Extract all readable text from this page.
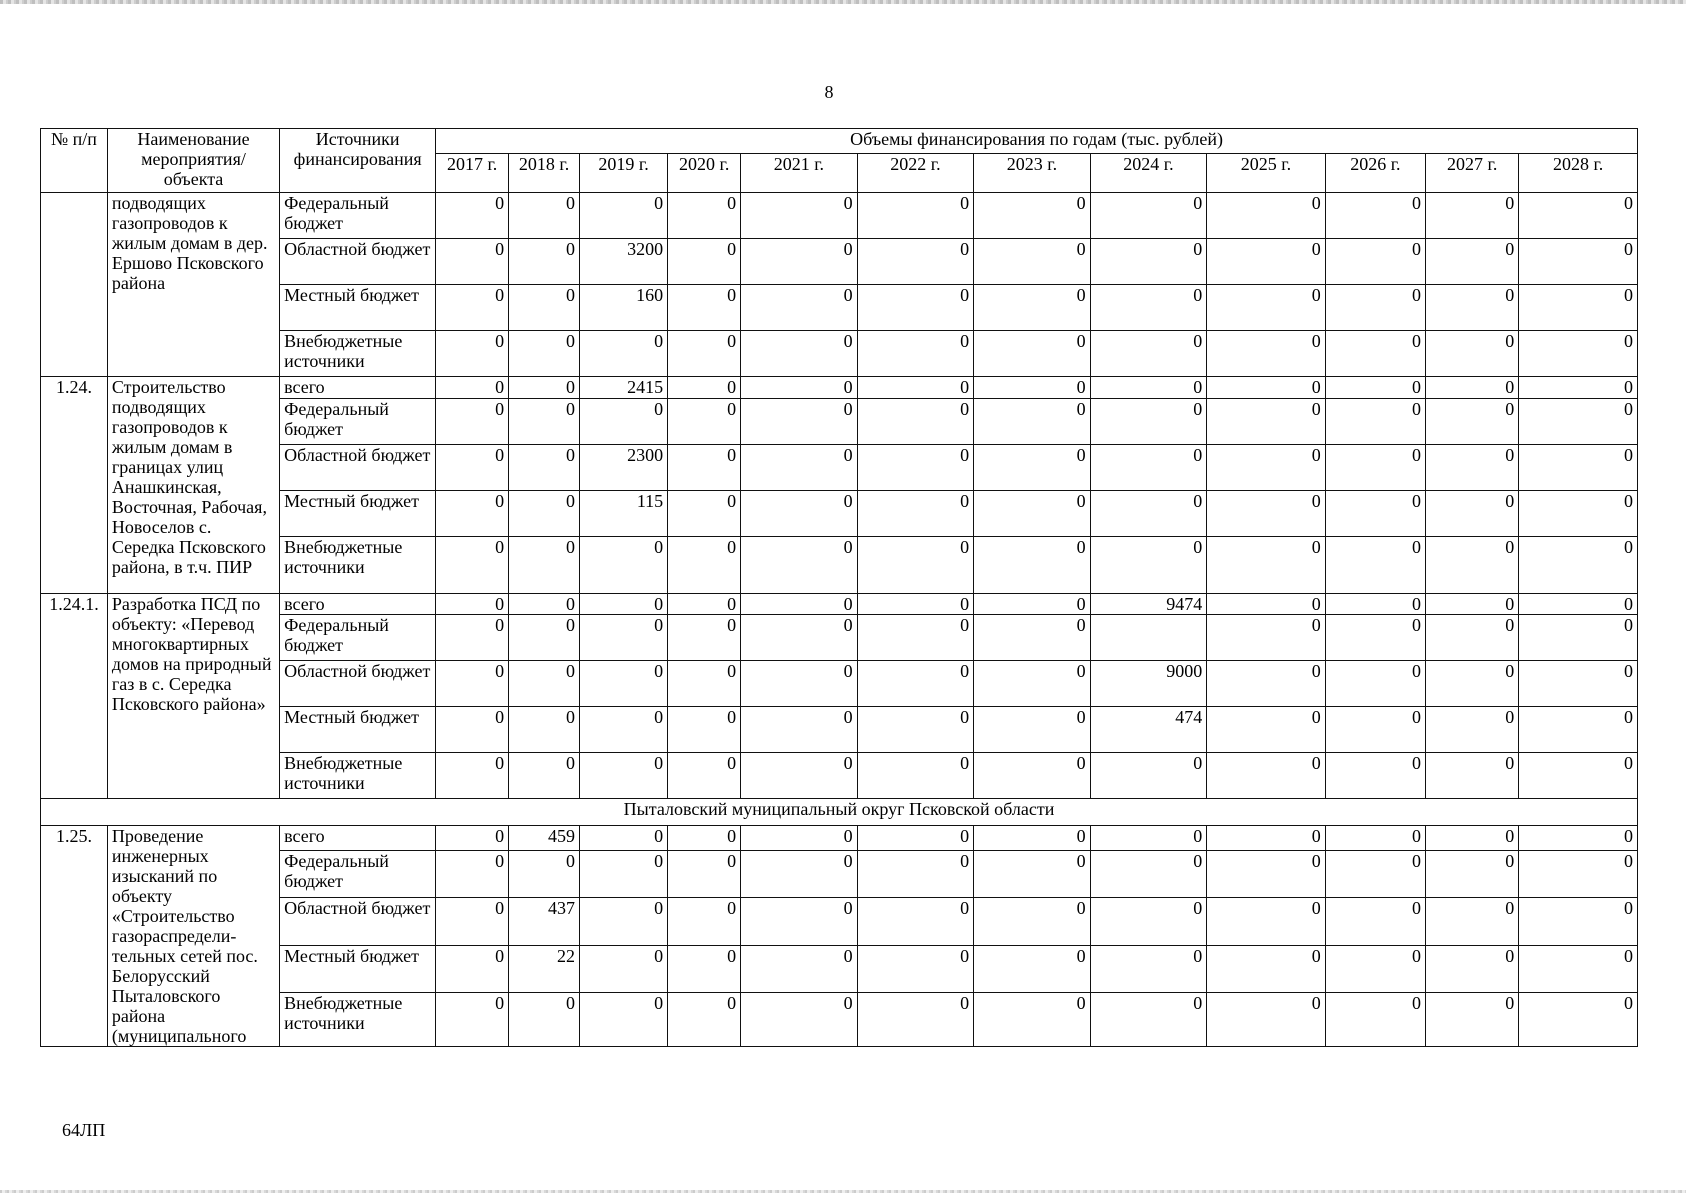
8
№ п/п	Наименование мероприятия/ объекта	Источники финансирования	Объемы финансирования по годам (тыс. рублей)											
			2017 г.	2018 г.	2019 г.	2020 г.	2021 г.	2022 г.	2023 г.	2024 г.	2025 г.	2026 г.	2027 г.	2028 г.
	подводящих газопроводов к жилым домам в дер. Ершово Псковского района	Федеральный бюджет	0	0	0	0	0	0	0	0	0	0	0	0
		Областной бюджет	0	0	3200	0	0	0	0	0	0	0	0	0
		Местный бюджет	0	0	160	0	0	0	0	0	0	0	0	0
		Внебюджетные источники	0	0	0	0	0	0	0	0	0	0	0	0
1.24.	Строительство подводящих газопроводов к жилым домам в границах улиц Анашкинская, Восточная, Рабочая, Новоселов с. Середка Псковского района, в т.ч. ПИР	всего	0	0	2415	0	0	0	0	0	0	0	0	0
		Федеральный бюджет	0	0	0	0	0	0	0	0	0	0	0	0
		Областной бюджет	0	0	2300	0	0	0	0	0	0	0	0	0
		Местный бюджет	0	0	115	0	0	0	0	0	0	0	0	0
		Внебюджетные источники	0	0	0	0	0	0	0	0	0	0	0	0
1.24.1.	Разработка ПСД по объекту: «Перевод многоквартирных домов на природный газ в с. Середка Псковского района»	всего	0	0	0	0	0	0	0	9474	0	0	0	0
		Федеральный бюджет	0	0	0	0	0	0	0		0	0	0	0
		Областной бюджет	0	0	0	0	0	0	0	9000	0	0	0	0
		Местный бюджет	0	0	0	0	0	0	0	474	0	0	0	0
		Внебюджетные источники	0	0	0	0	0	0	0	0	0	0	0	0
Пыталовский муниципальный округ Псковской области														
1.25.	Проведение инженерных изысканий по объекту «Строительство газораспредели-тельных сетей пос. Белорусский Пыталовского района (муниципального	всего	0	459	0	0	0	0	0	0	0	0	0	0
		Федеральный бюджет	0	0	0	0	0	0	0	0	0	0	0	0
		Областной бюджет	0	437	0	0	0	0	0	0	0	0	0	0
		Местный бюджет	0	22	0	0	0	0	0	0	0	0	0	0
		Внебюджетные источники	0	0	0	0	0	0	0	0	0	0	0	0
64ЛП
